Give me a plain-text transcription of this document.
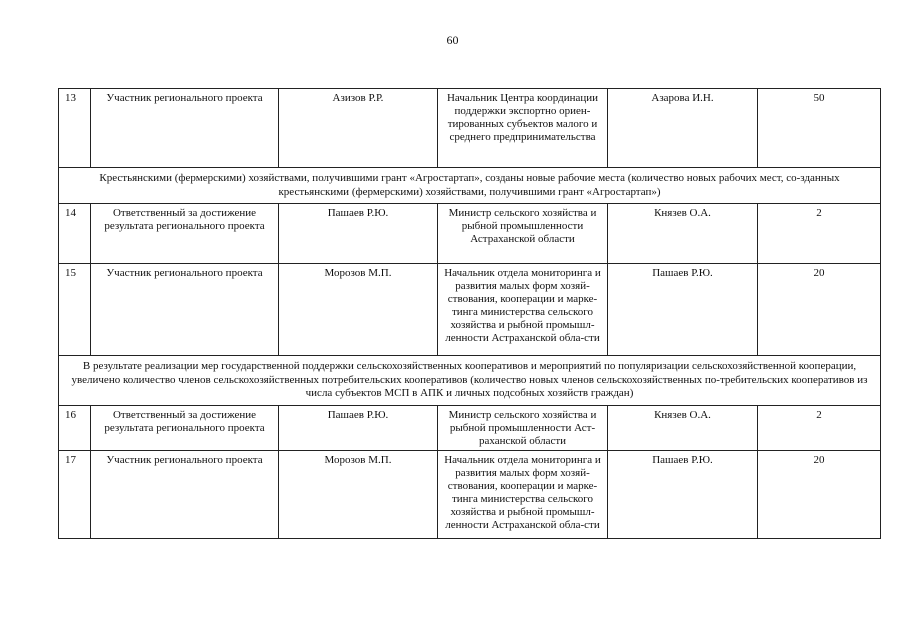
60
13	Участник регионального проекта	Азизов Р.Р.	Начальник Центра координации поддержки экспортно ориен-тированных субъектов малого и среднего предпринимательства	Азарова И.Н.	50
Крестьянскими (фермерскими) хозяйствами, получившими грант «Агростартап», созданы новые рабочие места (количество новых рабочих мест, со-зданных крестьянскими (фермерскими) хозяйствами, получившими грант «Агростартап»)					
14	Ответственный за достижение результата регионального проекта	Пашаев Р.Ю.	Министр сельского хозяйства и рыбной промышленности Астраханской области	Князев О.А.	2
15	Участник регионального проекта	Морозов М.П.	Начальник отдела мониторинга и развития малых форм хозяй-ствования, кооперации и марке-тинга министерства сельского хозяйства и рыбной промышл-ленности Астраханской обла-сти	Пашаев Р.Ю.	20
В результате реализации мер государственной поддержки сельскохозяйственных кооперативов и мероприятий по популяризации сельскохозяйственной кооперации, увеличено количество членов сельскохозяйственных потребительских кооперативов (количество новых членов сельскохозяйственных по-требительских кооперативов из числа субъектов МСП в АПК и личных подсобных хозяйств граждан)					
16	Ответственный за достижение результата регионального проекта	Пашаев Р.Ю.	Министр сельского хозяйства и рыбной промышленности Аст-раханской области	Князев О.А.	2
17	Участник регионального проекта	Морозов М.П.	Начальник отдела мониторинга и развития малых форм хозяй-ствования, кооперации и марке-тинга министерства сельского хозяйства и рыбной промышл-ленности Астраханской обла-сти	Пашаев Р.Ю.	20
